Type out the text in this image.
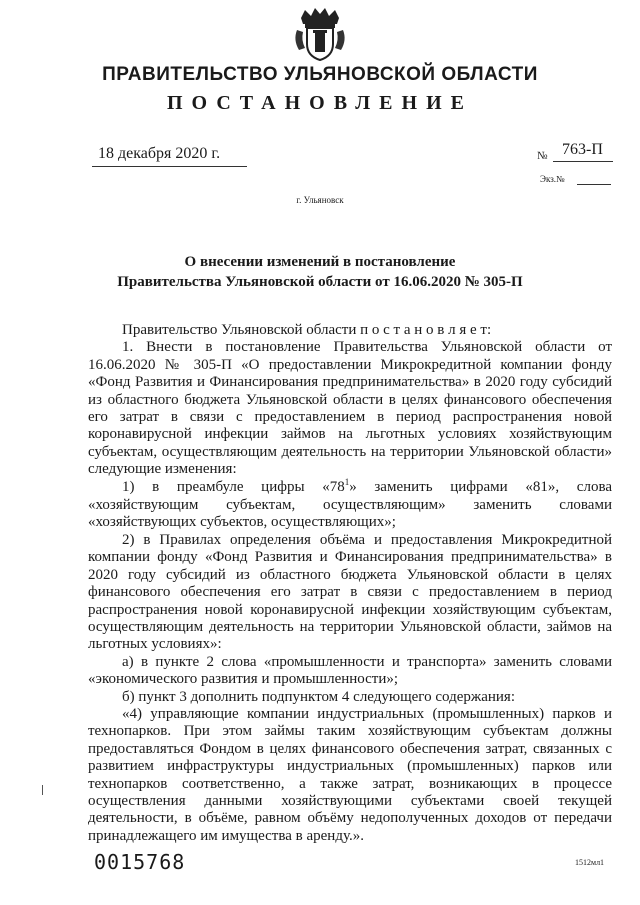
ПРАВИТЕЛЬСТВО УЛЬЯНОВСКОЙ ОБЛАСТИ
ПОСТАНОВЛЕНИЕ
18 декабря 2020 г.	№ 763-П
Экз.№
г. Ульяновск
О внесении изменений в постановление
Правительства Ульяновской области от 16.06.2020 № 305-П

Правительство Ульяновской области п о с т а н о в л я е т:

1. Внести в постановление Правительства Ульяновской области от 16.06.2020 № 305-П «О предоставлении Микрокредитной компании фонду «Фонд Развития и Финансирования предпринимательства» в 2020 году субсидий из областного бюджета Ульяновской области в целях финансового обеспечения его затрат в связи с предоставлением в период распространения новой коронавирусной инфекции займов на льготных условиях хозяйствующим субъектам, осуществляющим деятельность на территории Ульяновской области» следующие изменения:

1) в преамбуле цифры «$78^1$» заменить цифрами «81», слова «хозяйствующим субъектам, осуществляющим» заменить словами «хозяйствующих субъектов, осуществляющих»;

2) в Правилах определения объёма и предоставления Микрокредитной компании фонду «Фонд Развития и Финансирования предпринимательства» в 2020 году субсидий из областного бюджета Ульяновской области в целях финансового обеспечения его затрат в связи с предоставлением в период распространения новой коронавирусной инфекции хозяйствующим субъектам, осуществляющим деятельность на территории Ульяновской области, займов на льготных условиях»:

а) в пункте 2 слова «промышленности и транспорта» заменить словами «экономического развития и промышленности»;

б) пункт 3 дополнить подпунктом 4 следующего содержания:

«4) управляющие компании индустриальных (промышленных) парков и технопарков. При этом займы таким хозяйствующим субъектам должны предоставляться Фондом в целях финансового обеспечения затрат, связанных с развитием инфраструктуры индустриальных (промышленных) парков или технопарков соответственно, а также затрат, возникающих в процессе осуществления данными хозяйствующими субъектами своей текущей деятельности, в объёме, равном объёму недополученных доходов от передачи принадлежащего им имущества в аренду.».

0015768	1512мл1
